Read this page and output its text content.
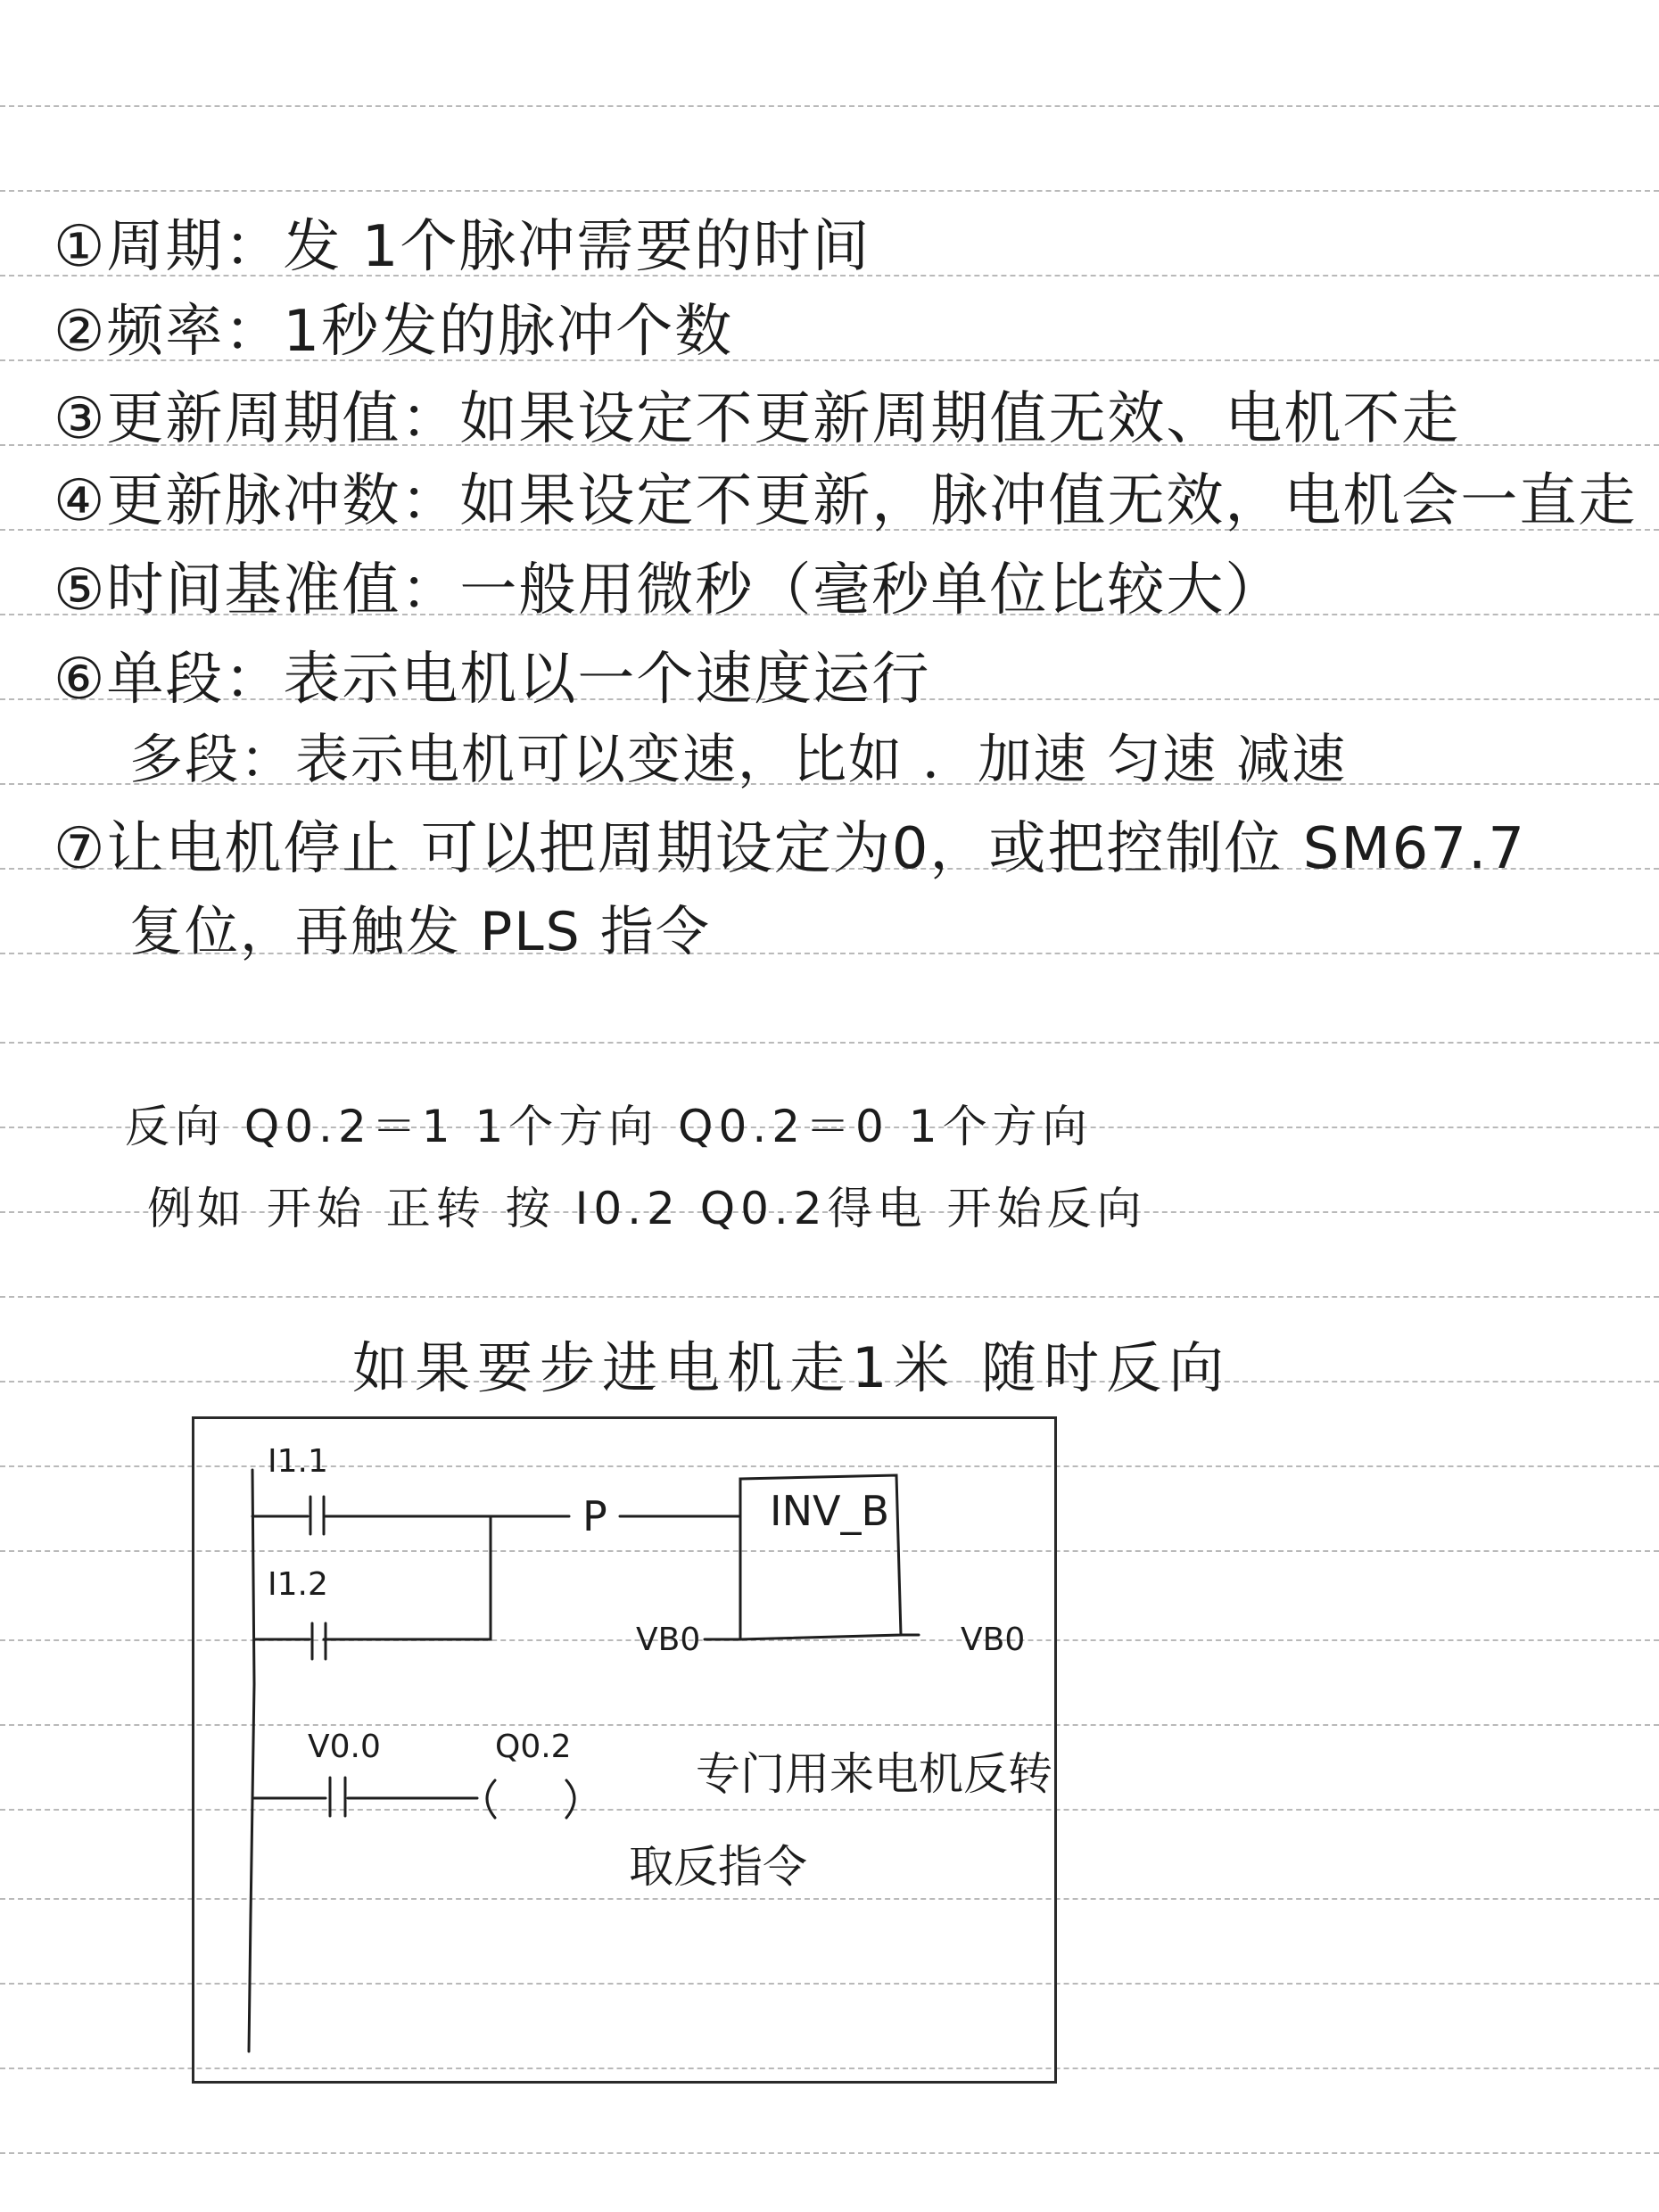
①周期：发 1个脉冲需要的时间
②频率：1秒发的脉冲个数
③更新周期值：如果设定不更新周期值无效、电机不走
④更新脉冲数：如果设定不更新，脉冲值无效，电机会一直走
⑤时间基准值：一般用微秒（毫秒单位比较大）
⑥单段：表示电机以一个速度运行
多段：表示电机可以变速，比如 ．加速 匀速 减速
⑦让电机停止 可以把周期设定为0，或把控制位 SM67.7
复位，再触发 PLS 指令
反向 Q0.2＝1 1个方向 Q0.2＝0 1个方向
例如 开始 正转 按 I0.2 Q0.2得电 开始反向
如果要步进电机走1米 随时反向
I1.1
I1.2
P	INV_B
VB0	VB0
V0.0	Q0.2
专门用来电机反转
取反指令
